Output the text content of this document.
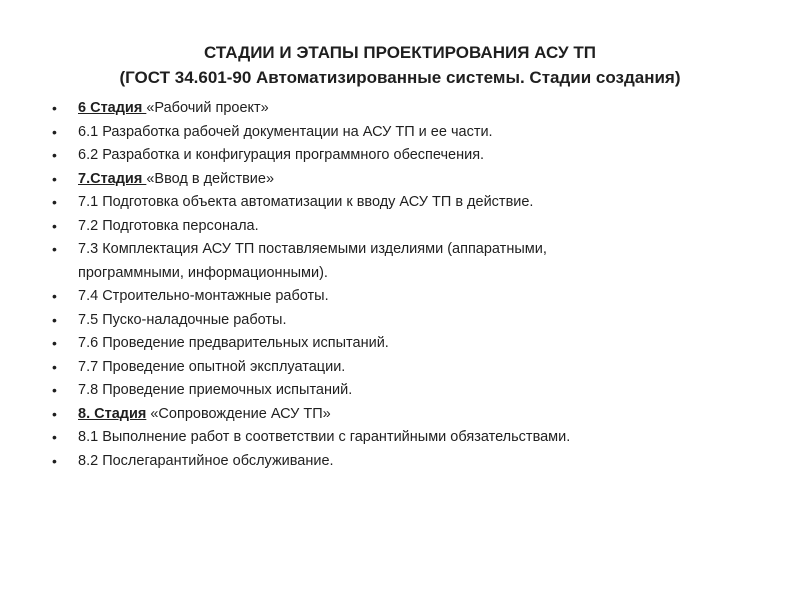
СТАДИИ И ЭТАПЫ ПРОЕКТИРОВАНИЯ АСУ ТП
(ГОСТ 34.601-90 Автоматизированные системы. Стадии создания)
• 6 Стадия «Рабочий проект»
• 6.1 Разработка рабочей документации на АСУ ТП и ее части.
• 6.2 Разработка и конфигурация программного обеспечения.
• 7.Стадия «Ввод в действие»
• 7.1 Подготовка объекта автоматизации к вводу АСУ ТП в действие.
• 7.2 Подготовка персонала.
• 7.3 Комплектация АСУ ТП поставляемыми изделиями (аппаратными,
программными, информационными).
• 7.4 Строительно-монтажные работы.
• 7.5 Пуско-наладочные работы.
• 7.6 Проведение предварительных испытаний.
• 7.7 Проведение опытной эксплуатации.
• 7.8 Проведение приемочных испытаний.
• 8. Стадия «Сопровождение АСУ ТП»
• 8.1 Выполнение работ в соответствии с гарантийными обязательствами.
• 8.2 Послегарантийное обслуживание.
